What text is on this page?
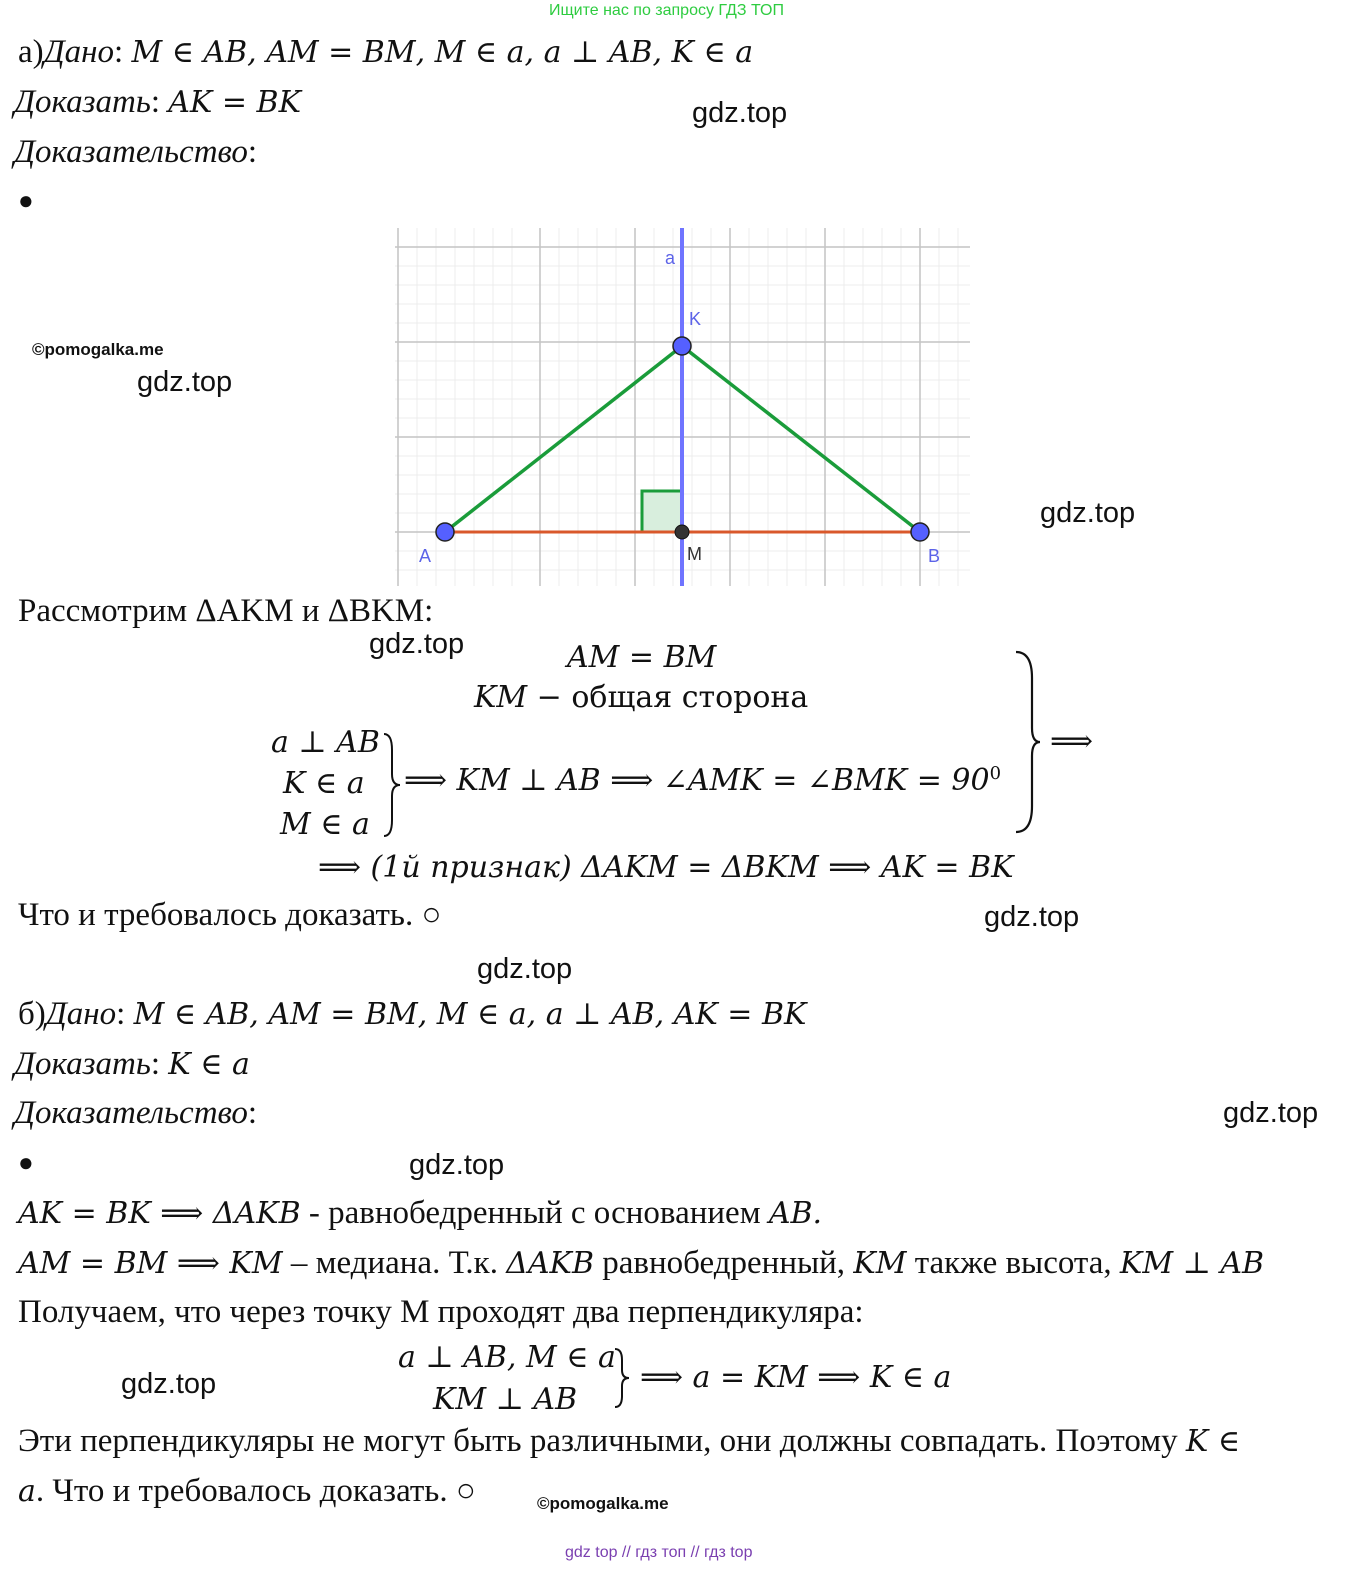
Ищите нас по запросу ГДЗ ТОП
а)Дано: M ∈ AB, AM = BM, M ∈ a, a ⊥ AB, K ∈ a
Доказать: AK = BK
Доказательство:
●
a
K
A	M	B
Рассмотрим ΔAKM и ΔBKM:
AM = BM
KM − общая сторона
a ⊥ AB
K ∈ a
M ∈ a
⟹ KM ⊥ AB ⟹ ∠AMK = ∠BMK = $90^0$
⟹
⟹ (1й признак) ΔAKM = ΔBKM ⟹ AK = BK
Что и требовалось доказать. ○
б)Дано: M ∈ AB, AM = BM, M ∈ a, a ⊥ AB, AK = BK
Доказать: K ∈ a
Доказательство:
●
AK = BK ⟹ ΔAKB - равнобедренный с основанием AB.
AM = BM ⟹ KM – медиана. Т.к. ΔAKB равнобедренный, KM также высота, KM ⊥ AB
Получаем, что через точку М проходят два перпендикуляра:
a ⊥ AB, M ∈ a
KM ⊥ AB
⟹ a = KM ⟹ K ∈ a
Эти перпендикуляры не могут быть различными, они должны совпадать. Поэтому K ∈
a. Что и требовалось доказать. ○
gdz.top
©pomogalka.me
gdz.top
gdz.top
gdz.top
gdz.top
gdz.top
gdz.top
gdz.top
gdz.top
©pomogalka.me
gdz top // гдз топ // гдз top
